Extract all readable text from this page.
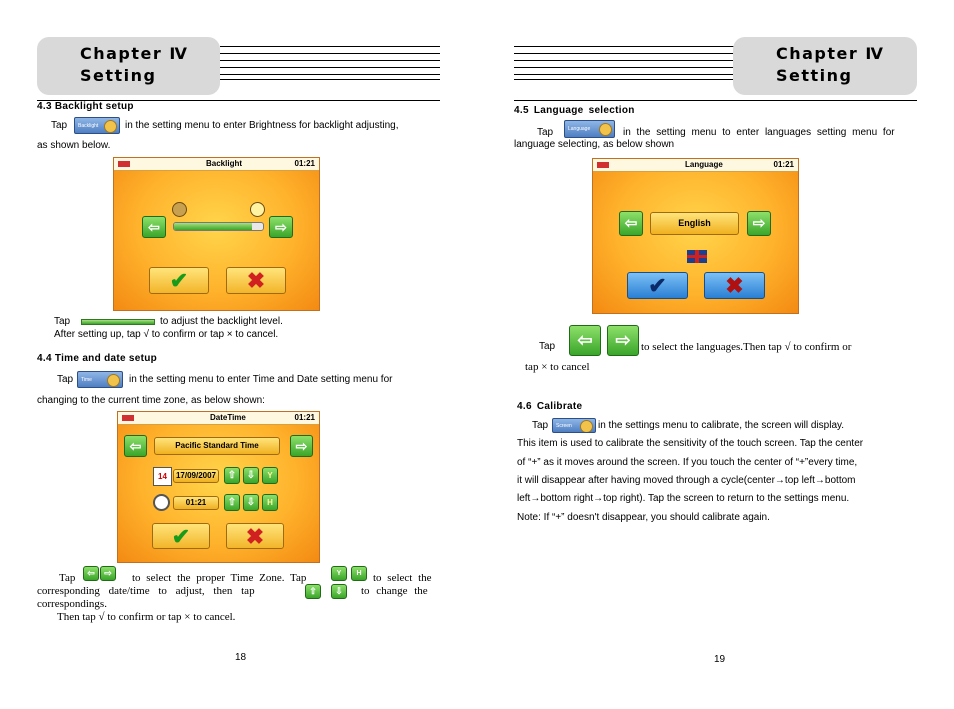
Chapter Ⅳ
Setting
4.3 Backlight setup
Tap	Backlight	in the setting menu to enter Brightness for backlight adjusting,
as shown below.
Backlight	01:21
⇦	⇨
✔	✖
Tap	to adjust the backlight level.
After setting up, tap √ to confirm or tap × to cancel.
4.4 Time and date setup
Tap	Time	in the setting menu to enter Time and Date setting menu for
changing to the current time zone, as below shown:
DateTime	01:21
⇦	Pacific Standard Time	⇨
14	17/09/2007	⇧	⇩	Y
01:21	⇧	⇩	H
✔	✖
Tap	⇦	⇨	to select the proper Time Zone. Tap	Y	H	to select the
corresponding date/time to adjust, then tap	⇧	⇩	to change the
correspondings.
Then tap √ to confirm or tap × to cancel.
18
Chapter Ⅳ
Setting
4.5 Language selection
Tap	Language	in the setting menu to enter languages setting menu for
language selecting, as below shown
Language	01:21
⇦	English	⇨
✔	✖
Tap	⇦	⇨ to select the languages.Then tap √ to confirm or
tap × to cancel
4.6 Calibrate
Tap	Screen	in the settings menu to calibrate, the screen will display.
This item is used to calibrate the sensitivity of the touch screen. Tap the center
of “+” as it moves around the screen. If you touch the center of “+”every time,
it will disappear after having moved through a cycle(center→top left→bottom
left→bottom right→top right). Tap the screen to return to the settings menu.
Note: If “+” doesn't disappear, you should calibrate again.
19
